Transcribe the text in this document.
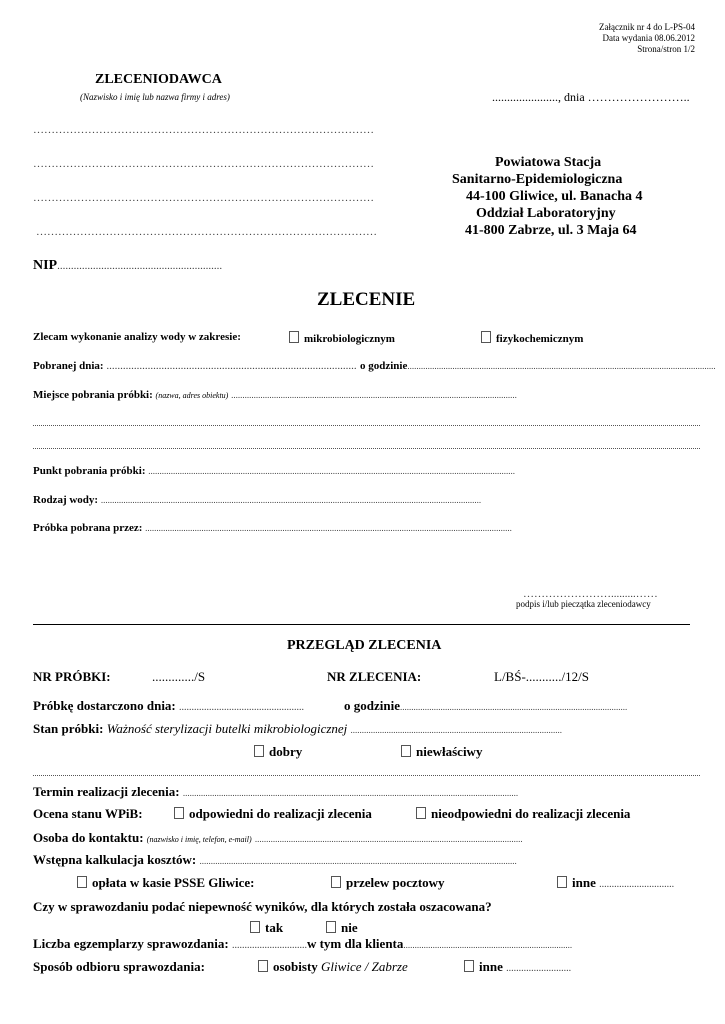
Załącznik nr 4 do L-PS-04
Data wydania 08.06.2012
Strona/stron 1/2
ZLECENIODAWCA
(Nazwisko i imię lub nazwa firmy i adres)	......................, dnia ……………………..
…………………………………………………………………………………
…………………………………………………………………………………
…………………………………………………………………………………
…………………………………………………………………………………
NIP............................................................
Powiatowa Stacja
Sanitarno-Epidemiologiczna
44-100 Gliwice, ul. Banacha 4
Oddział Laboratoryjny
41-800 Zabrze, ul. 3 Maja 64
ZLECENIE
Zlecam wykonanie analizy wody w zakresie:	mikrobiologicznym	fizykochemicznym
Pobranej dnia: ........................................................................................... o godzinie.........................................................................................................................................
Miejsce pobrania próbki: (nazwa, adres obiektu) ...............................................................................................................................
Punkt pobrania próbki: ...................................................................................................................................................................
Rodzaj wody: .........................................................................................................................................................................
Próbka pobrana przez: ...................................................................................................................................................................
…………………….........……
podpis i/lub pieczątka zleceniodawcy
PRZEGLĄD ZLECENIA
NR PRÓBKI:	............./S	NR ZLECENIA:	L/BŚ-.........../12/S
Próbkę dostarczono dnia: ..................................................	o godzinie.....................................................................................................
Stan próbki: Ważność sterylizacji butelki mikrobiologicznej ..............................................................................................
dobry	niewłaściwy
Termin realizacji zlecenia: .....................................................................................................................................................
Ocena stanu WPiB:	odpowiedni do realizacji zlecenia	nieodpowiedni do realizacji zlecenia
Osoba do kontaktu: (nazwisko i imię, telefon, e-mail) .......................................................................................................................
Wstępna kalkulacja kosztów: .............................................................................................................................................
opłata w kasie PSSE Gliwice:	przelew pocztowy	inne ..............................
Czy w sprawozdaniu podać niepewność wyników, dla których została oszacowana?
tak	nie
Liczba egzemplarzy sprawozdania: ..............................w tym dla klienta...........................................................................
Sposób odbioru sprawozdania:	osobisty Gliwice / Zabrze	inne ..........................
